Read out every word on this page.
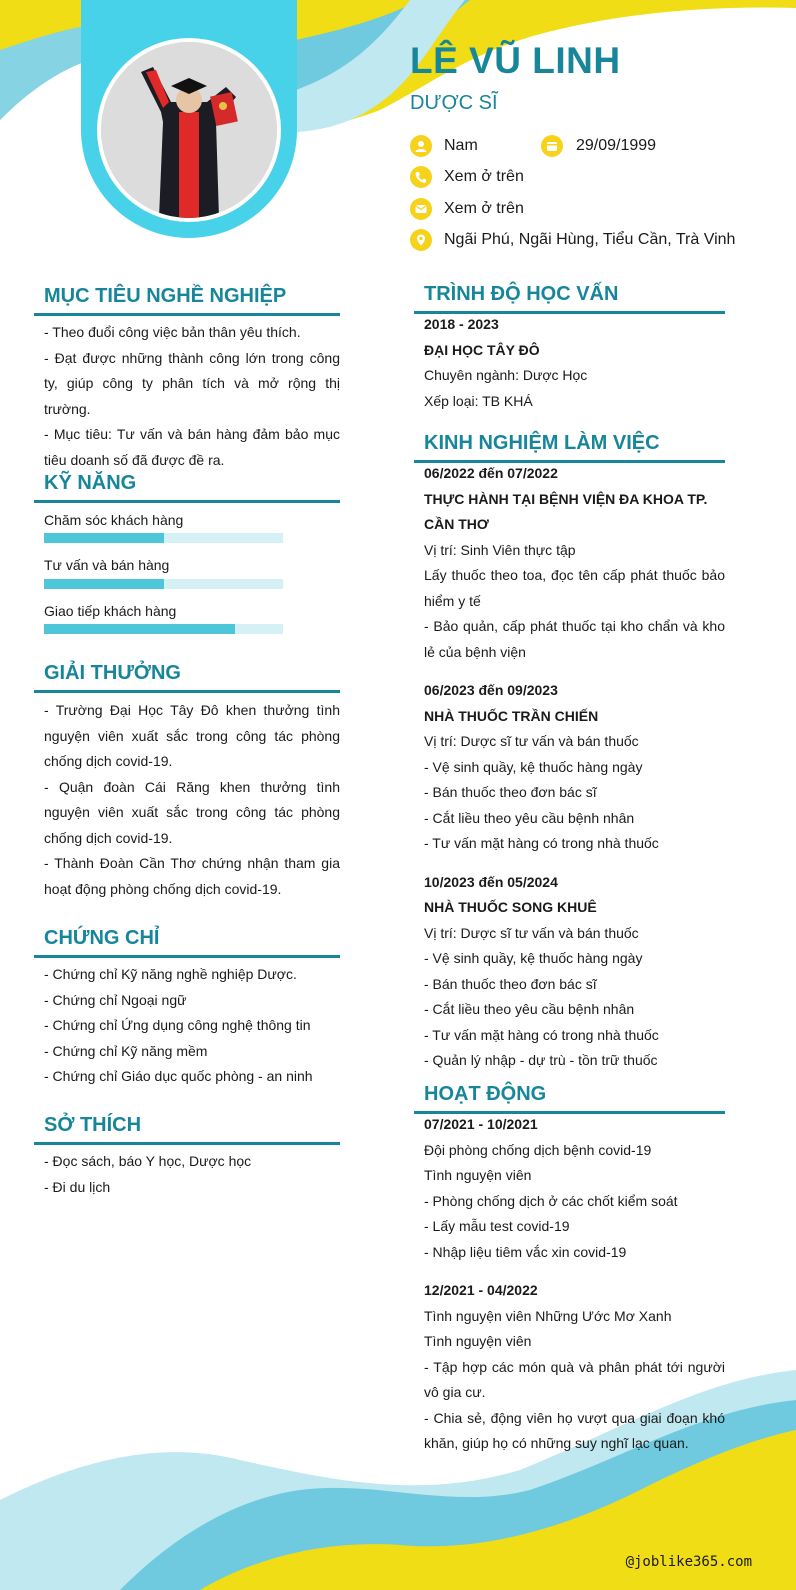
LÊ VŨ LINH
DƯỢC SĨ
Nam	29/09/1999
Xem ở trên
Xem ở trên
Ngãi Phú, Ngãi Hùng, Tiểu Cần, Trà Vinh
MỤC TIÊU NGHỀ NGHIỆP

- Theo đuổi công việc bản thân yêu thích.

- Đạt được những thành công lớn trong công ty, giúp công ty phân tích và mở rộng thị trường.

- Mục tiêu: Tư vấn và bán hàng đảm bảo mục tiêu doanh số đã được đề ra.

KỸ NĂNG
Chăm sóc khách hàng
Tư vấn và bán hàng
Giao tiếp khách hàng
GIẢI THƯỞNG

- Trường Đại Học Tây Đô khen thưởng tình nguyện viên xuất sắc trong công tác phòng chống dịch covid-19.

- Quận đoàn Cái Răng khen thưởng tình nguyện viên xuất sắc trong công tác phòng chống dịch covid-19.

- Thành Đoàn Cần Thơ chứng nhận tham gia hoạt động phòng chống dịch covid-19.

CHỨNG CHỈ

- Chứng chỉ Kỹ năng nghề nghiệp Dược.

- Chứng chỉ Ngoại ngữ

- Chứng chỉ Ứng dụng công nghệ thông tin

- Chứng chỉ Kỹ năng mềm

- Chứng chỉ Giáo dục quốc phòng - an ninh

SỞ THÍCH

- Đọc sách, báo Y học, Dược học

- Đi du lịch

TRÌNH ĐỘ HỌC VẤN

2018 - 2023

ĐẠI HỌC TÂY ĐÔ

Chuyên ngành: Dược Học

Xếp loại: TB KHÁ

KINH NGHIỆM LÀM VIỆC

06/2022 đến 07/2022

THỰC HÀNH TẠI BỆNH VIỆN ĐA KHOA TP. CẦN THƠ

Vị trí: Sinh Viên thực tập

Lấy thuốc theo toa, đọc tên cấp phát thuốc bảo hiểm y tế

- Bảo quản, cấp phát thuốc tại kho chẩn và kho lẻ của bệnh viện

06/2023 đến 09/2023

NHÀ THUỐC TRẦN CHIẾN

Vị trí: Dược sĩ tư vấn và bán thuốc

- Vệ sinh quầy, kệ thuốc hàng ngày

- Bán thuốc theo đơn bác sĩ

- Cắt liều theo yêu cầu bệnh nhân

- Tư vấn mặt hàng có trong nhà thuốc

10/2023 đến 05/2024

NHÀ THUỐC SONG KHUÊ

Vị trí: Dược sĩ tư vấn và bán thuốc

- Vệ sinh quầy, kệ thuốc hàng ngày

- Bán thuốc theo đơn bác sĩ

- Cắt liều theo yêu cầu bệnh nhân

- Tư vấn mặt hàng có trong nhà thuốc

- Quản lý nhập - dự trù - tồn trữ thuốc

HOẠT ĐỘNG

07/2021 - 10/2021

Đội phòng chống dịch bệnh covid-19

Tình nguyện viên

- Phòng chống dịch ở các chốt kiểm soát

- Lấy mẫu test covid-19

- Nhập liệu tiêm vắc xin covid-19

12/2021 - 04/2022

Tình nguyện viên Những Ước Mơ Xanh

Tình nguyện viên

- Tập hợp các món quà và phân phát tới người vô gia cư.

- Chia sẻ, động viên họ vượt qua giai đoạn khó khăn, giúp họ có những suy nghĩ lạc quan.

@joblike365.com
